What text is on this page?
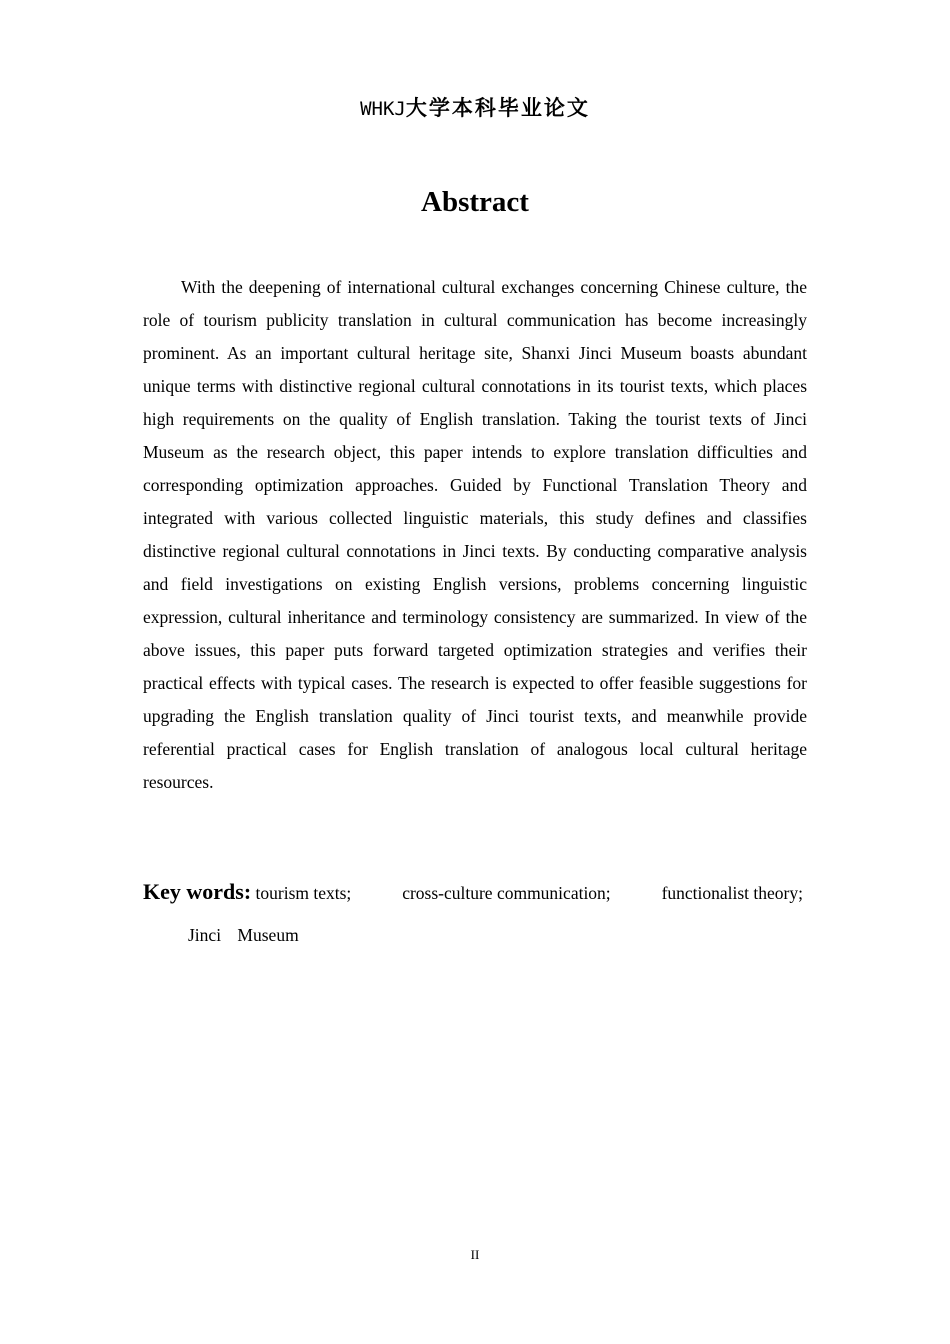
WHKJ大学本科毕业论文
Abstract

With the deepening of international cultural exchanges concerning Chinese culture, the role of tourism publicity translation in cultural communication has become increasingly prominent. As an important cultural heritage site, Shanxi Jinci Museum boasts abundant unique terms with distinctive regional cultural connotations in its tourist texts, which places high requirements on the quality of English translation. Taking the tourist texts of Jinci Museum as the research object, this paper intends to explore translation difficulties and corresponding optimization approaches. Guided by Functional Translation Theory and integrated with various collected linguistic materials, this study defines and classifies distinctive regional cultural connotations in Jinci texts. By conducting comparative analysis and field investigations on existing English versions, problems concerning linguistic expression, cultural inheritance and terminology consistency are summarized. In view of the above issues, this paper puts forward targeted optimization strategies and verifies their practical effects with typical cases. The research is expected to offer feasible suggestions for upgrading the English translation quality of Jinci tourist texts, and meanwhile provide referential practical cases for English translation of analogous local cultural heritage resources.

Key words: tourism texts;	cross-culture communication;	functionalist theory;
Jinci Museum
II
